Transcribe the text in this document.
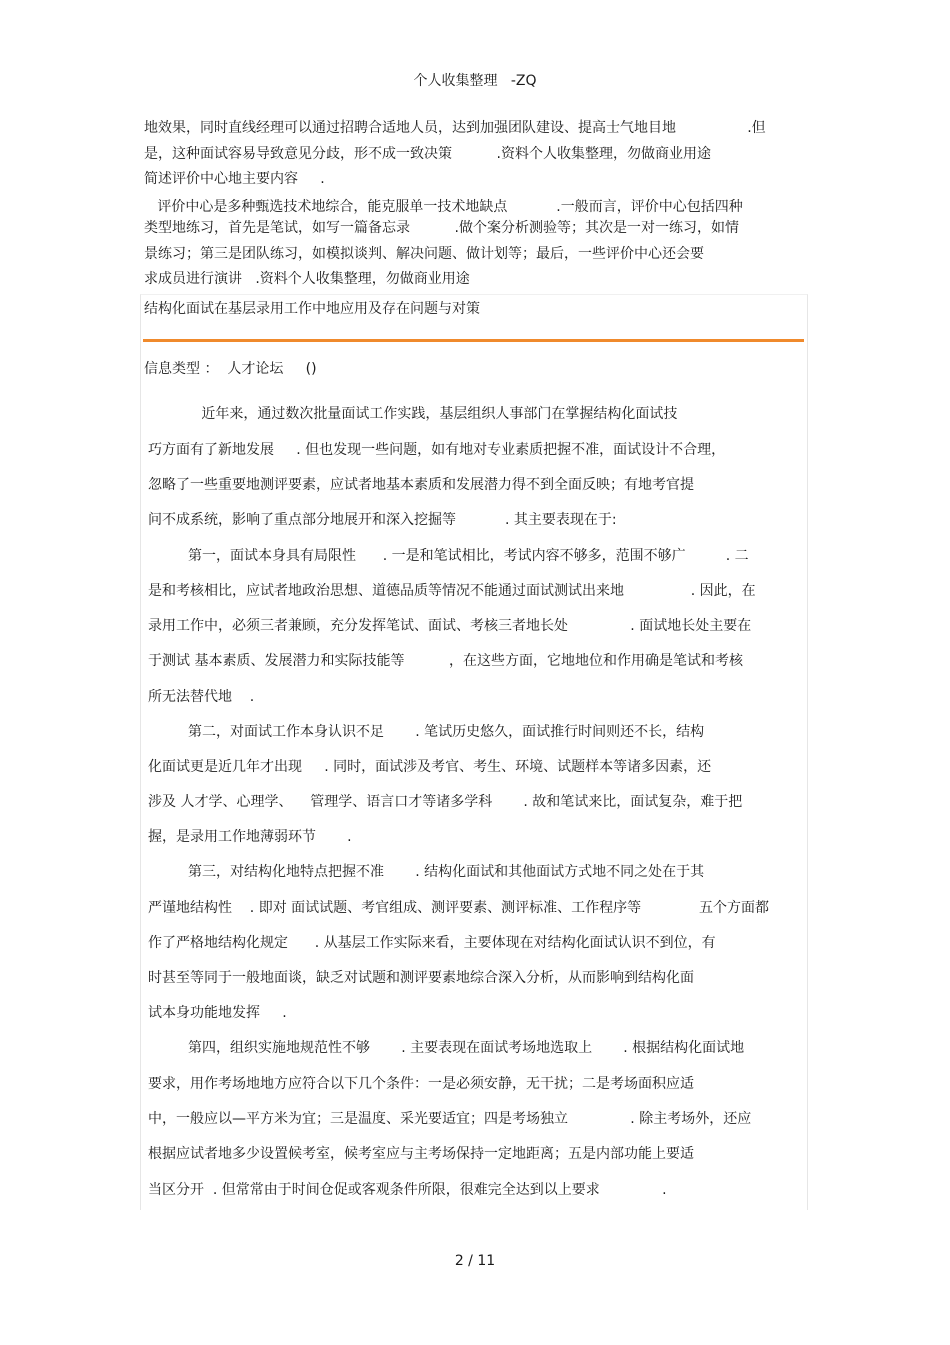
个人收集整理   -ZQ

地效果，同时直线经理可以通过招聘合适地人员，达到加强团队建设、提高士气地目地                .但

是，这种面试容易导致意见分歧，形不成一致决策          .资料个人收集整理，勿做商业用途

简述评价中心地主要内容     .

评价中心是多种甄选技术地综合，能克服单一技术地缺点           .一般而言，评价中心包括四种

类型地练习，首先是笔试，如写一篇备忘录          .做个案分析测验等；其次是一对一练习，如情

景练习；第三是团队练习，如模拟谈判、解决问题、做计划等；最后，一些评价中心还会要

求成员进行演讲   .资料个人收集整理，勿做商业用途

结构化面试在基层录用工作中地应用及存在问题与对策

信息类型 ：  人才论坛     ()

近年来，通过数次批量面试工作实践，基层组织人事部门在掌握结构化面试技

巧方面有了新地发展     . 但也发现一些问题，如有地对专业素质把握不准，面试设计不合理，

忽略了一些重要地测评要素，应试者地基本素质和发展潜力得不到全面反映；有地考官提

问不成系统，影响了重点部分地展开和深入挖掘等           . 其主要表现在于:

第一，面试本身具有局限性      . 一是和笔试相比，考试内容不够多，范围不够广         . 二

是和考核相比，应试者地政治思想、道德品质等情况不能通过面试测试出来地               . 因此，在

录用工作中，必须三者兼顾，充分发挥笔试、面试、考核三者地长处              . 面试地长处主要在

于测试 基本素质、发展潜力和实际技能等          ，在这些方面，它地地位和作用确是笔试和考核

所无法替代地    .

第二，对面试工作本身认识不足       . 笔试历史悠久，面试推行时间则还不长，结构

化面试更是近几年才出现     . 同时，面试涉及考官、考生、环境、试题样本等诸多因素，还

涉及 人才学、心理学、    管理学、语言口才等诸多学科       . 故和笔试来比，面试复杂，难于把

握，是录用工作地薄弱环节       .

第三，对结构化地特点把握不准       . 结构化面试和其他面试方式地不同之处在于其

严谨地结构性    . 即对 面试试题、考官组成、测评要素、测评标准、工作程序等             五个方面都

作了严格地结构化规定      . 从基层工作实际来看，主要体现在对结构化面试认识不到位，有

时甚至等同于一般地面谈，缺乏对试题和测评要素地综合深入分析，从而影响到结构化面

试本身功能地发挥     .

第四，组织实施地规范性不够       . 主要表现在面试考场地选取上       . 根据结构化面试地

要求，用作考场地地方应符合以下几个条件：一是必须安静，无干扰；二是考场面积应适

中，一般应以—平方米为宜；三是温度、采光要适宜；四是考场独立              . 除主考场外，还应

根据应试者地多少设置候考室，候考室应与主考场保持一定地距离；五是内部功能上要适

当区分开  . 但常常由于时间仓促或客观条件所限，很难完全达到以上要求              .

2 / 11
